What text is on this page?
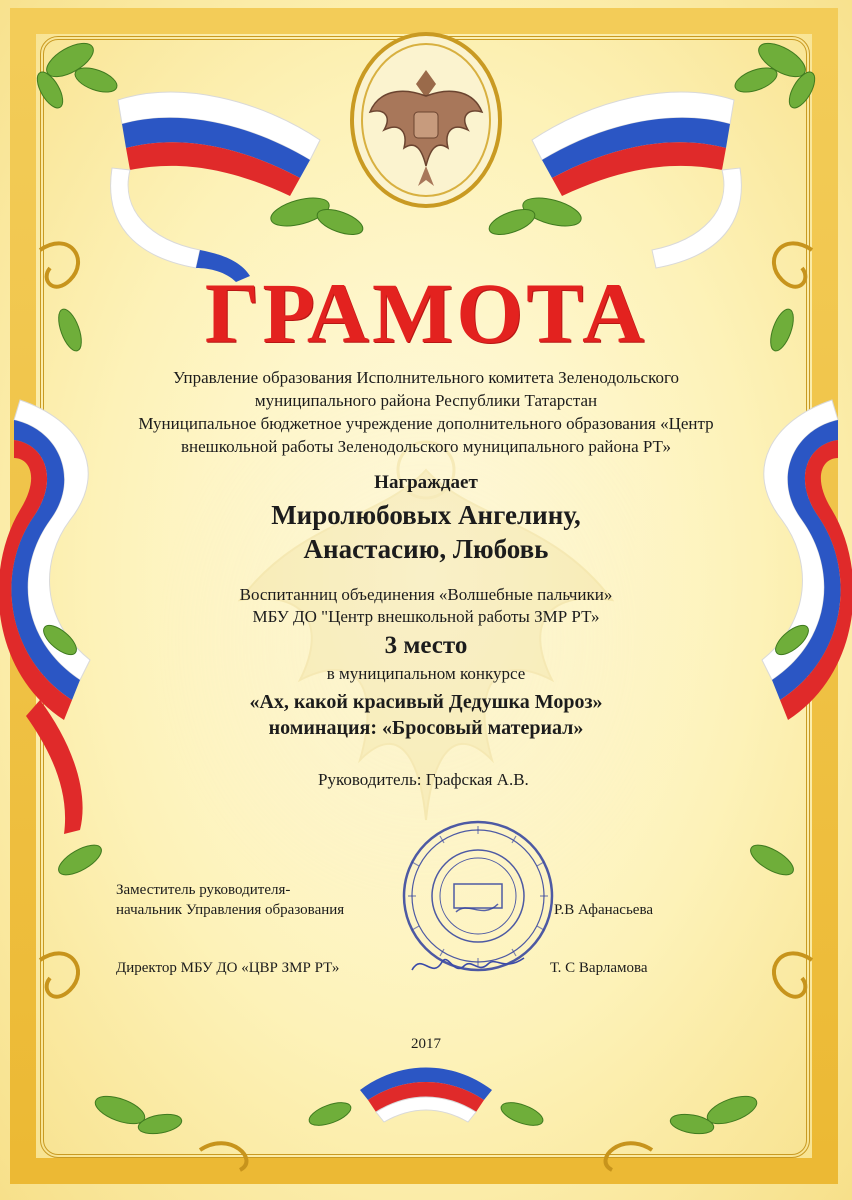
ГРАМОТА
Управление образования Исполнительного комитета Зеленодольского
муниципального района Республики Татарстан
Муниципальное бюджетное учреждение дополнительного образования «Центр
внешкольной работы Зеленодольского муниципального района РТ»
Награждает
Миролюбовых Ангелину,
Анастасию, Любовь
Воспитанниц объединения «Волшебные пальчики»
МБУ ДО "Центр внешкольной работы ЗМР РТ»
3 место
в муниципальном конкурсе
«Ах, какой красивый Дедушка Мороз»
номинация: «Бросовый материал»
Руководитель: Графская А.В.
Заместитель руководителя-
начальник Управления образования	Р.В Афанасьева
Директор МБУ ДО «ЦВР ЗМР РТ»	Т. С Варламова
2017
